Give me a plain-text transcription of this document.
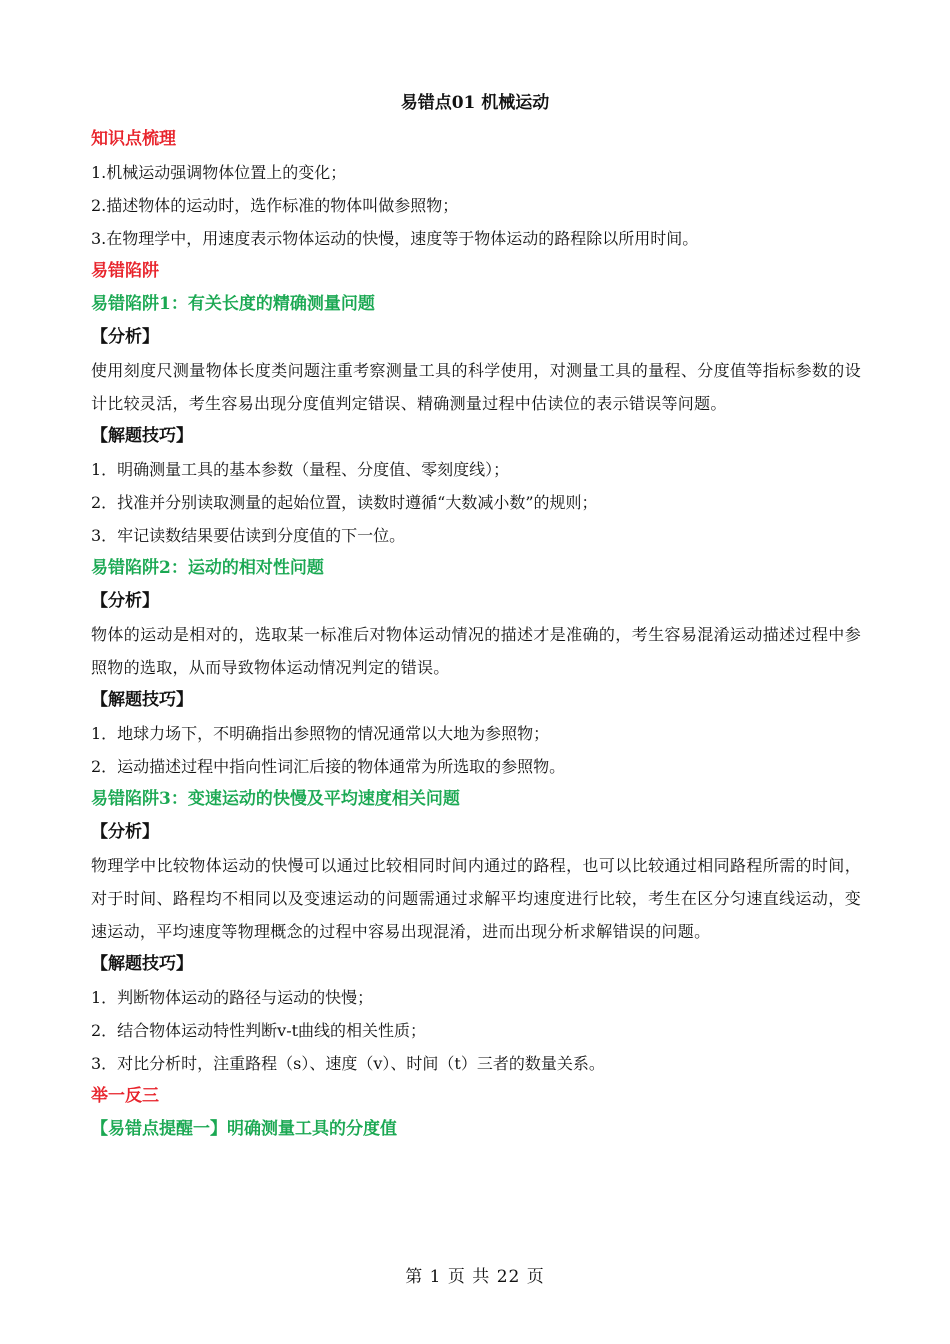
易错点01 机械运动
知识点梳理
1.机械运动强调物体位置上的变化；
2.描述物体的运动时，选作标准的物体叫做参照物；
3.在物理学中，用速度表示物体运动的快慢，速度等于物体运动的路程除以所用时间。
易错陷阱
易错陷阱1：有关长度的精确测量问题
【分析】
使用刻度尺测量物体长度类问题注重考察测量工具的科学使用，对测量工具的量程、分度值等指标参数的设计比较灵活，考生容易出现分度值判定错误、精确测量过程中估读位的表示错误等问题。
【解题技巧】
1．明确测量工具的基本参数（量程、分度值、零刻度线）；
2．找准并分别读取测量的起始位置，读数时遵循“大数减小数”的规则；
3．牢记读数结果要估读到分度值的下一位。
易错陷阱2：运动的相对性问题
【分析】
物体的运动是相对的，选取某一标准后对物体运动情况的描述才是准确的，考生容易混淆运动描述过程中参照物的选取，从而导致物体运动情况判定的错误。
【解题技巧】
1．地球力场下，不明确指出参照物的情况通常以大地为参照物；
2．运动描述过程中指向性词汇后接的物体通常为所选取的参照物。
易错陷阱3：变速运动的快慢及平均速度相关问题
【分析】
物理学中比较物体运动的快慢可以通过比较相同时间内通过的路程，也可以比较通过相同路程所需的时间，对于时间、路程均不相同以及变速运动的问题需通过求解平均速度进行比较，考生在区分匀速直线运动，变速运动，平均速度等物理概念的过程中容易出现混淆，进而出现分析求解错误的问题。
【解题技巧】
1．判断物体运动的路径与运动的快慢；
2．结合物体运动特性判断v-t曲线的相关性质；
3．对比分析时，注重路程（s）、速度（v）、时间（t）三者的数量关系。
举一反三
【易错点提醒一】明确测量工具的分度值
第 1 页 共 22 页
